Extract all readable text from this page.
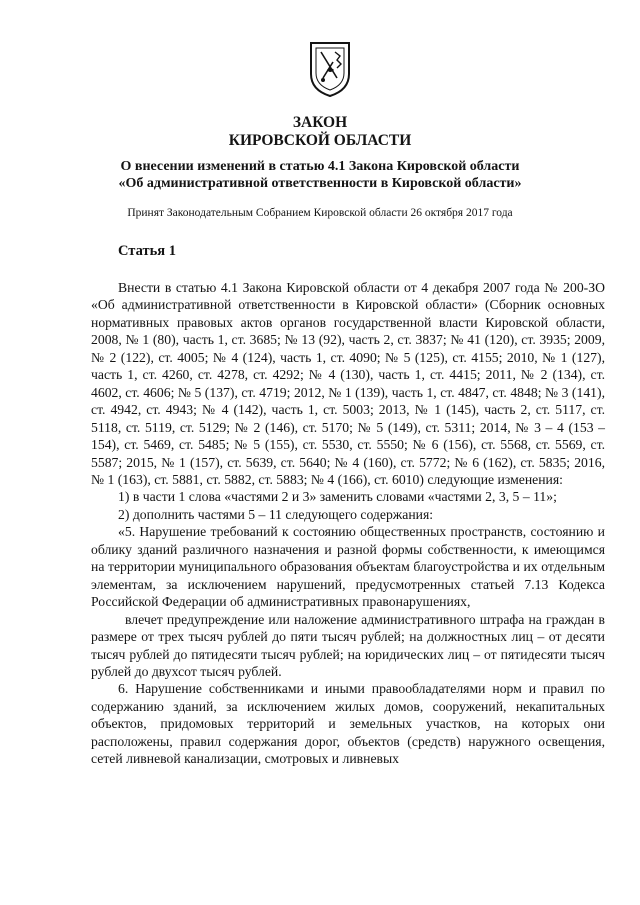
ЗАКОН
КИРОВСКОЙ ОБЛАСТИ
О внесении изменений в статью 4.1 Закона Кировской области
«Об административной ответственности в Кировской области»
Принят Законодательным Собранием Кировской области 26 октября 2017 года
Статья 1

Внести в статью 4.1 Закона Кировской области от 4 декабря 2007 года № 200-ЗО «Об административной ответственности в Кировской области» (Сборник основных нормативных правовых актов органов государственной власти Кировской области, 2008, № 1 (80), часть 1, ст. 3685; № 13 (92), часть 2, ст. 3837; № 41 (120), ст. 3935; 2009, № 2 (122), ст. 4005; № 4 (124), часть 1, ст. 4090; № 5 (125), ст. 4155; 2010, № 1 (127), часть 1, ст. 4260, ст. 4278, ст. 4292; № 4 (130), часть 1, ст. 4415; 2011, № 2 (134), ст. 4602, ст. 4606; № 5 (137), ст. 4719; 2012, № 1 (139), часть 1, ст. 4847, ст. 4848; № 3 (141), ст. 4942, ст. 4943; № 4 (142), часть 1, ст. 5003; 2013, № 1 (145), часть 2, ст. 5117, ст. 5118, ст. 5119, ст. 5129; № 2 (146), ст. 5170; № 5 (149), ст. 5311; 2014, № 3 – 4 (153 – 154), ст. 5469, ст. 5485; № 5 (155), ст. 5530, ст. 5550; № 6 (156), ст. 5568, ст. 5569, ст. 5587; 2015, № 1 (157), ст. 5639, ст. 5640; № 4 (160), ст. 5772; № 6 (162), ст. 5835; 2016, № 1 (163), ст. 5881, ст. 5882, ст. 5883; № 4 (166), ст. 6010) следующие изменения:

1) в части 1 слова «частями 2 и 3» заменить словами «частями 2, 3, 5 – 11»;

2) дополнить частями 5 – 11 следующего содержания:

«5. Нарушение требований к состоянию общественных пространств, состоянию и облику зданий различного назначения и разной формы собственности, к имеющимся на территории муниципального образования объектам благоустройства и их отдельным элементам, за исключением нарушений, предусмотренных статьей 7.13 Кодекса Российской Федерации об административных правонарушениях,

влечет предупреждение или наложение административного штрафа на граждан в размере от трех тысяч рублей до пяти тысяч рублей; на должностных лиц – от десяти тысяч рублей до пятидесяти тысяч рублей; на юридических лиц – от пятидесяти тысяч рублей до двухсот тысяч рублей.

6. Нарушение собственниками и иными правообладателями норм и правил по содержанию зданий, за исключением жилых домов, сооружений, некапитальных объектов, придомовых территорий и земельных участков, на которых они расположены, правил содержания дорог, объектов (средств) наружного освещения, сетей ливневой канализации, смотровых и ливневых
